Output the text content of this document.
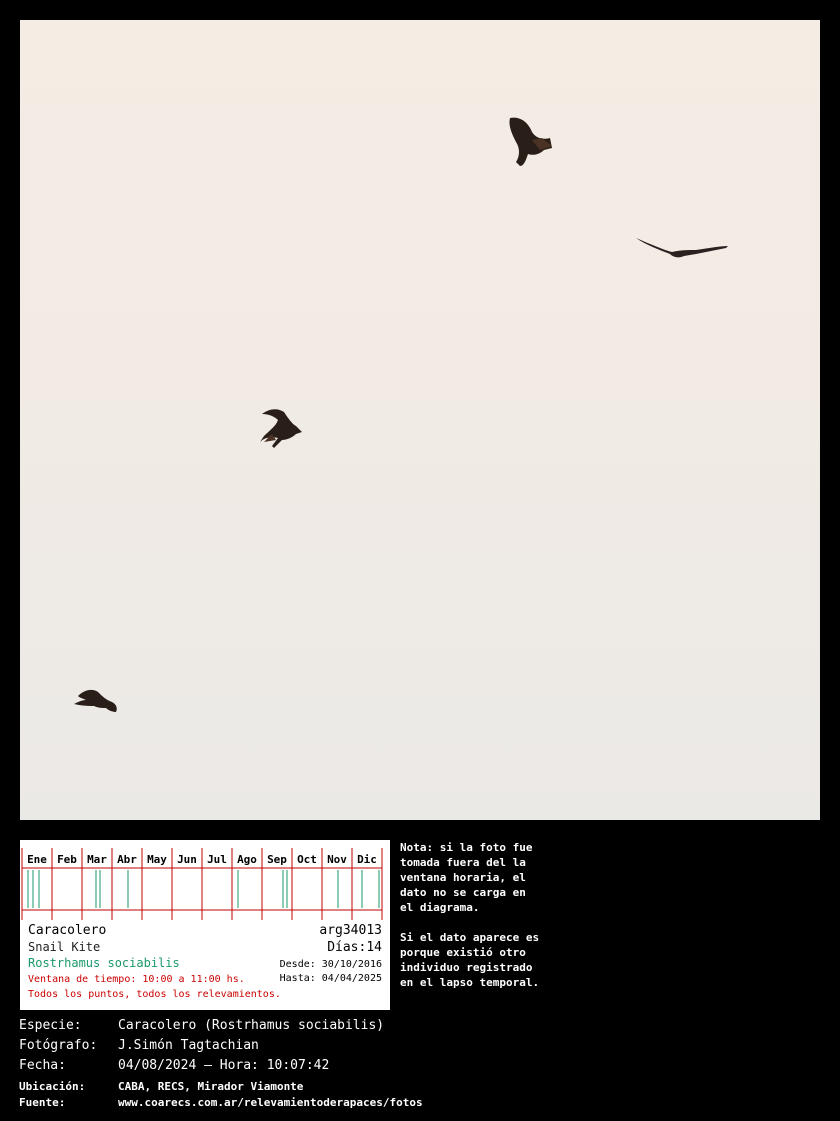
Ene Feb Mar Abr May Jun Jul Ago Sep Oct Nov Dic
Caracolero
Snail Kite
Rostrhamus sociabilis
arg34013
Días:14
Desde: 30/10/2016
Hasta: 04/04/2025
Ventana de tiempo: 10:00 a 11:00 hs.
Todos los puntos, todos los relevamientos.
Nota: si la foto fue
tomada fuera del la
ventana horaria, el
dato no se carga en
el diagrama.

Si el dato aparece es
porque existió otro
individuo registrado
en el lapso temporal.
Especie:	Caracolero (Rostrhamus sociabilis)
Fotógrafo: J.Simón Tagtachian
Fecha:	04/08/2024 – Hora: 10:07:42
Ubicación:	CABA, RECS, Mirador Viamonte
Fuente:	www.coarecs.com.ar/relevamientoderapaces/fotos
